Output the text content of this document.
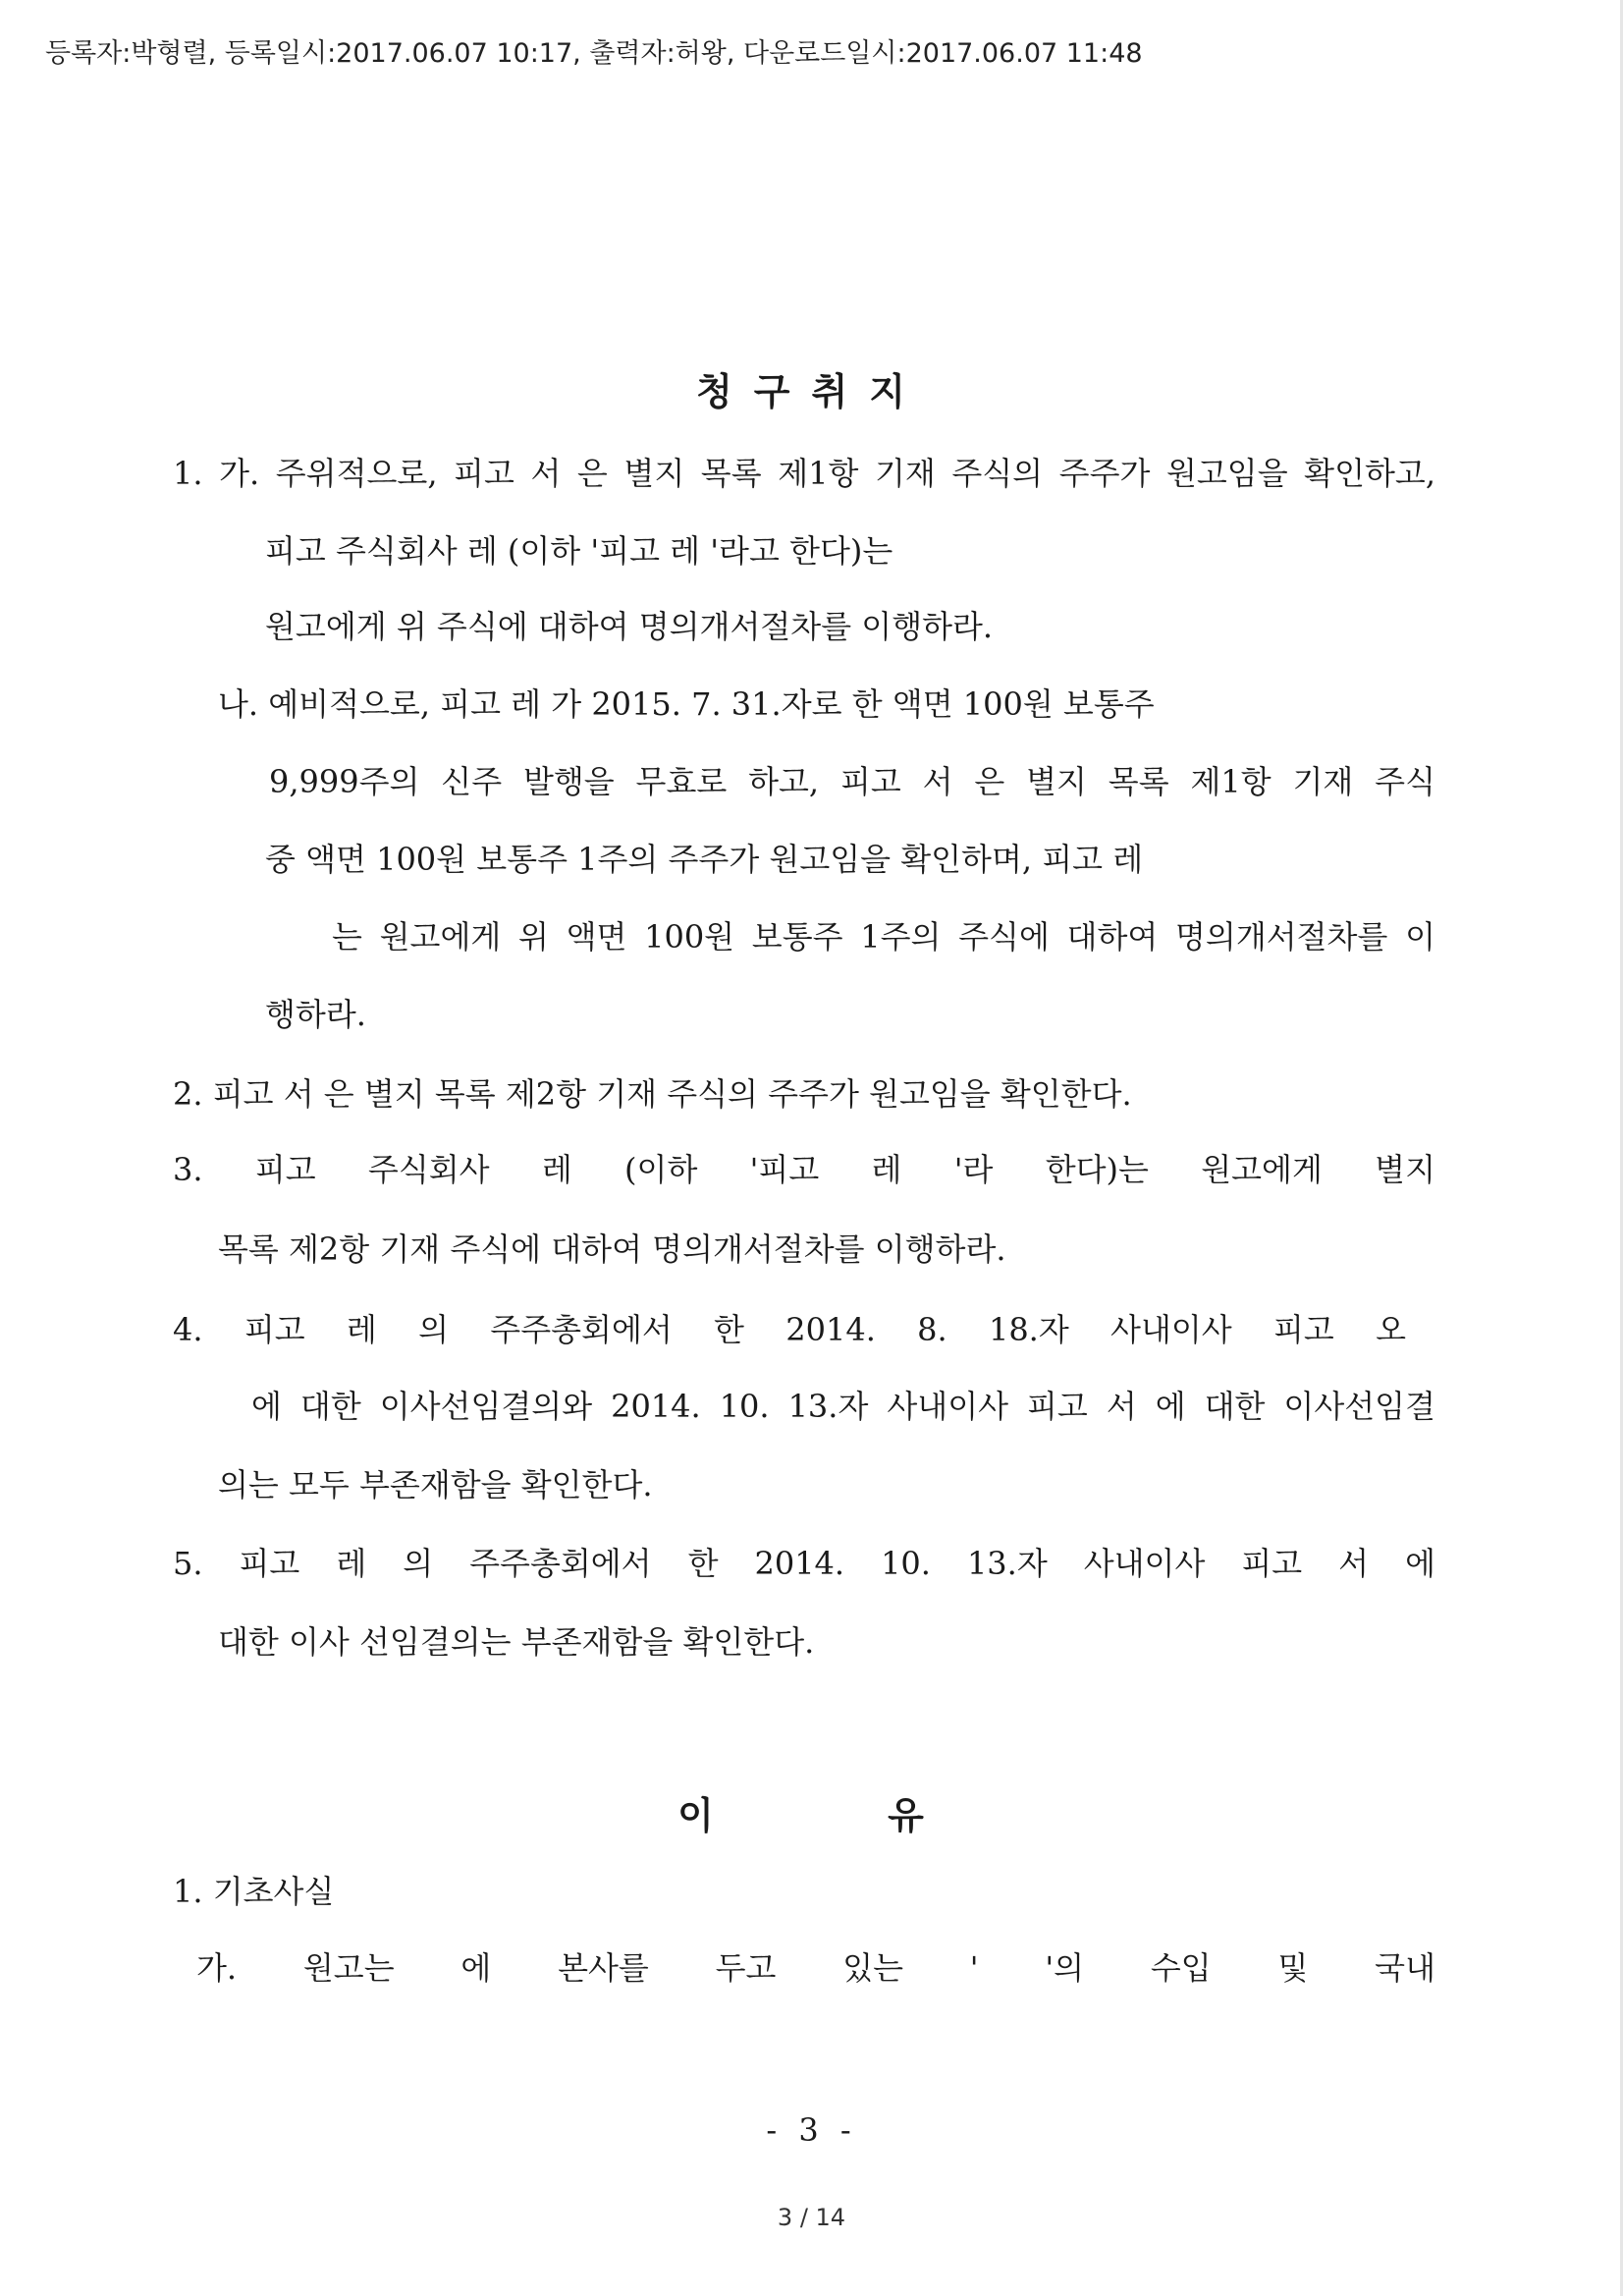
등록자:박형렬, 등록일시:2017.06.07 10:17, 출력자:허왕, 다운로드일시:2017.06.07 11:48
청구취지
1. 가. 주위적으로, 피고 서 은 별지 목록 제1항 기재 주식의 주주가 원고임을 확인하고,
피고 주식회사 레 (이하 '피고 레 '라고 한다)는
원고에게 위 주식에 대하여 명의개서절차를 이행하라.
나. 예비적으로, 피고 레 가 2015. 7. 31.자로 한 액면 100원 보통주
9,999주의 신주 발행을 무효로 하고, 피고 서 은 별지 목록 제1항 기재 주식
중 액면 100원 보통주 1주의 주주가 원고임을 확인하며, 피고 레
는 원고에게 위 액면 100원 보통주 1주의 주식에 대하여 명의개서절차를 이
행하라.
2. 피고 서 은 별지 목록 제2항 기재 주식의 주주가 원고임을 확인한다.
3. 피고 주식회사 레 (이하 '피고 레 '라 한다)는 원고에게 별지
목록 제2항 기재 주식에 대하여 명의개서절차를 이행하라.
4. 피고 레 의 주주총회에서 한 2014. 8. 18.자 사내이사 피고 오
에 대한 이사선임결의와 2014. 10. 13.자 사내이사 피고 서 에 대한 이사선임결
의는 모두 부존재함을 확인한다.
5. 피고 레 의 주주총회에서 한 2014. 10. 13.자 사내이사 피고 서 에
대한 이사 선임결의는 부존재함을 확인한다.
이 유
1. 기초사실
가. 원고는 에 본사를 두고 있는 ' '의 수입 및 국내
- 3 -
3 / 14
